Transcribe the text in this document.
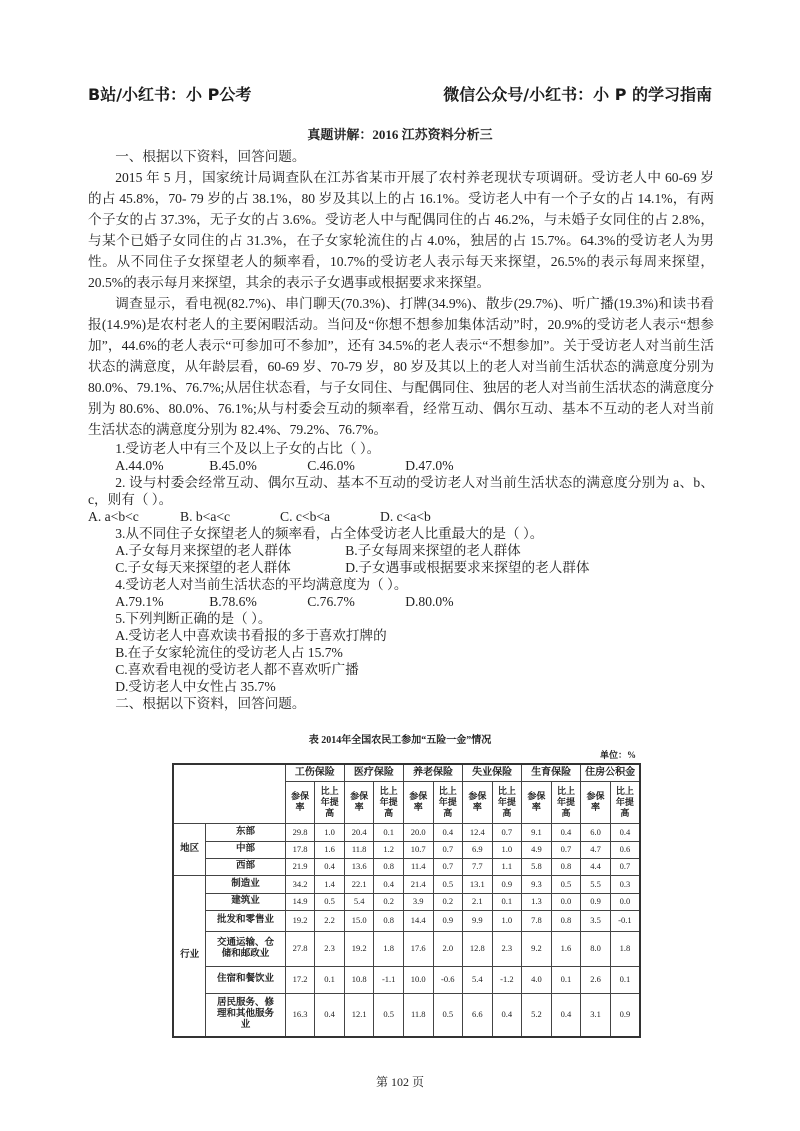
B站/小红书：小 P公考	微信公众号/小红书：小 P 的学习指南
真题讲解：2016 江苏资料分析三

一、根据以下资料，回答问题。

2015 年 5 月，国家统计局调查队在江苏省某市开展了农村养老现状专项调研。受访老人中 60-69 岁的占 45.8%，70- 79 岁的占 38.1%，80 岁及其以上的占 16.1%。受访老人中有一个子女的占 14.1%，有两个子女的占 37.3%，无子女的占 3.6%。受访老人中与配偶同住的占 46.2%，与未婚子女同住的占 2.8%，与某个已婚子女同住的占 31.3%，在子女家轮流住的占 4.0%，独居的占 15.7%。64.3%的受访老人为男性。从不同住子女探望老人的频率看，10.7%的受访老人表示每天来探望，26.5%的表示每周来探望，20.5%的表示每月来探望，其余的表示子女遇事或根据要求来探望。

调查显示，看电视(82.7%)、串门聊天(70.3%)、打牌(34.9%)、散步(29.7%)、听广播(19.3%)和读书看报(14.9%)是农村老人的主要闲暇活动。当问及“你想不想参加集体活动”时，20.9%的受访老人表示“想参加”，44.6%的老人表示“可参加可不参加”，还有 34.5%的老人表示“不想参加”。关于受访老人对当前生活状态的满意度，从年龄层看，60-69 岁、70-79 岁，80 岁及其以上的老人对当前生活状态的满意度分别为 80.0%、79.1%、76.7%;从居住状态看，与子女同住、与配偶同住、独居的老人对当前生活状态的满意度分别为 80.6%、80.0%、76.1%;从与村委会互动的频率看，经常互动、偶尔互动、基本不互动的老人对当前生活状态的满意度分别为 82.4%、79.2%、76.7%。

1.受访老人中有三个及以上子女的占比（ ）。

A.44.0%	B.45.0%	C.46.0%	D.47.0%

2. 设与村委会经常互动、偶尔互动、基本不互动的受访老人对当前生活状态的满意度分别为 a、b、c，则有（ ）。

A. a<b<c	B. b<a<c	C. c<b<a	D. c<a<b

3.从不同住子女探望老人的频率看，占全体受访老人比重最大的是（ ）。

A.子女每月来探望的老人群体	B.子女每周来探望的老人群体
C.子女每天来探望的老人群体	D.子女遇事或根据要求来探望的老人群体

4.受访老人对当前生活状态的平均满意度为（ ）。

A.79.1%	B.78.6%	C.76.7%	D.80.0%

5.下列判断正确的是（ ）。

A.受访老人中喜欢读书看报的多于喜欢打牌的

B.在子女家轮流住的受访老人占 15.7%

C.喜欢看电视的受访老人都不喜欢听广播

D.受访老人中女性占 35.7%

二、根据以下资料，回答问题。

表 2014年全国农民工参加“五险一金”情况
单位：%
		工伤保险		医疗保险		养老保险		失业保险		生育保险		住房公积金	
		参保率	比上年提高	参保率	比上年提高	参保率	比上年提高	参保率	比上年提高	参保率	比上年提高	参保率	比上年提高
地区	东部	29.8	1.0	20.4	0.1	20.0	0.4	12.4	0.7	9.1	0.4	6.0	0.4
	中部	17.8	1.6	11.8	1.2	10.7	0.7	6.9	1.0	4.9	0.7	4.7	0.6
	西部	21.9	0.4	13.6	0.8	11.4	0.7	7.7	1.1	5.8	0.8	4.4	0.7
行业	制造业	34.2	1.4	22.1	0.4	21.4	0.5	13.1	0.9	9.3	0.5	5.5	0.3
	建筑业	14.9	0.5	5.4	0.2	3.9	0.2	2.1	0.1	1.3	0.0	0.9	0.0
	批发和零售业	19.2	2.2	15.0	0.8	14.4	0.9	9.9	1.0	7.8	0.8	3.5	-0.1
	交通运输、仓储和邮政业	27.8	2.3	19.2	1.8	17.6	2.0	12.8	2.3	9.2	1.6	8.0	1.8
	住宿和餐饮业	17.2	0.1	10.8	-1.1	10.0	-0.6	5.4	-1.2	4.0	0.1	2.6	0.1
	居民服务、修理和其他服务业	16.3	0.4	12.1	0.5	11.8	0.5	6.6	0.4	5.2	0.4	3.1	0.9
第 102 页
